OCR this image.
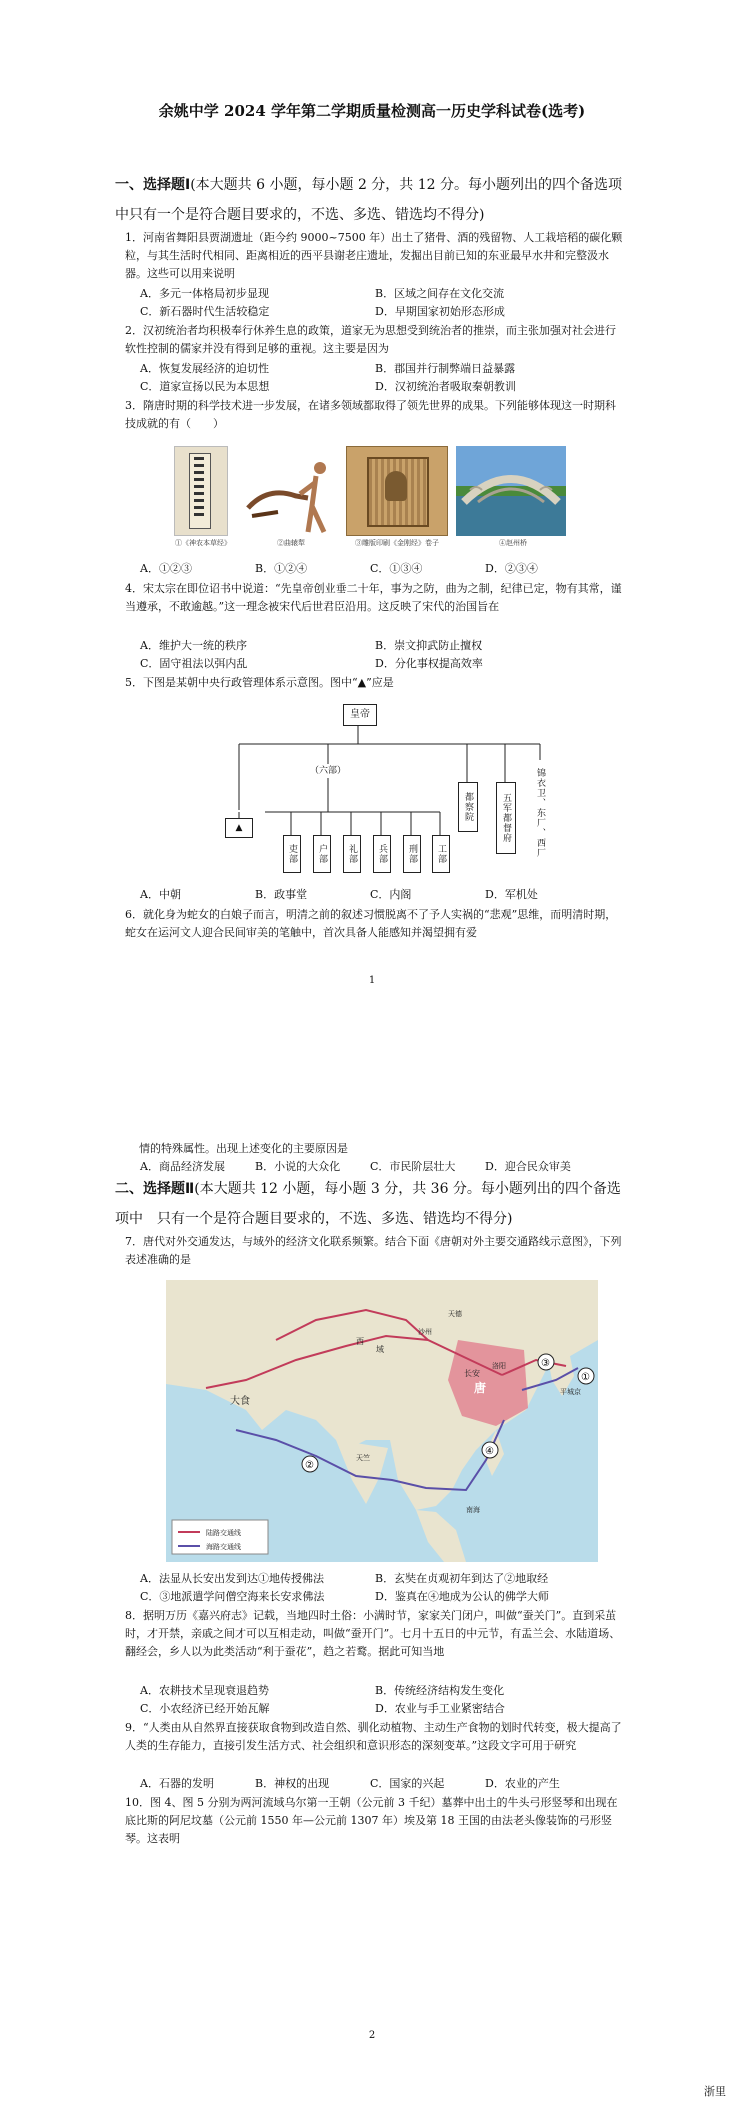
余姚中学 2024 学年第二学期质量检测高一历史学科试卷(选考)
一、选择题Ⅰ(本大题共 6 小题，每小题 2 分，共 12 分。每小题列出的四个备选项中只有一个是符合题目要求的，不选、多选、错选均不得分)
1．河南省舞阳县贾湖遗址（距今约 9000~7500 年）出土了猪骨、酒的残留物、人工栽培稻的碳化颗粒，与其生活时代相同、距离相近的西平县谢老庄遗址，发掘出目前已知的东亚最早水井和完整汲水器。这些可以用来说明
A．多元一体格局初步显现	B．区域之间存在文化交流
C．新石器时代生活较稳定	D．早期国家初始形态形成
2．汉初统治者均积极奉行休养生息的政策，道家无为思想受到统治者的推崇，而主张加强对社会进行软性控制的儒家并没有得到足够的重视。这主要是因为
A．恢复发展经济的迫切性	B．郡国并行制弊端日益暴露
C．道家宣扬以民为本思想	D．汉初统治者吸取秦朝教训
3．隋唐时期的科学技术进一步发展，在诸多领域都取得了领先世界的成果。下列能够体现这一时期科技成就的有（　　）
①《神农本草经》	②曲辕犁	③雕版印刷《金刚经》卷子	④赵州桥
A．①②③	B．①②④	C．①③④	D．②③④
4．宋太宗在即位诏书中说道：“先皇帝创业垂二十年，事为之防，曲为之制，纪律已定，物有其常，谨当遵承，不敢逾越。”这一理念被宋代后世君臣沿用。这反映了宋代的治国旨在
A．维护大一统的秩序	B．崇文抑武防止擅权
C．固守祖法以弭内乱	D．分化事权提高效率
5．下图是某朝中央行政管理体系示意图。图中“▲”应是
皇帝
（六部）
▲
吏部	户部	礼部	兵部	刑部	工部
都察院	五军都督府	锦衣卫、东厂、西厂
A．中朝	B．政事堂	C．内阁	D．军机处
6．就化身为蛇女的白娘子而言，明清之前的叙述习惯脱离不了予人实祸的“悲观”思维，而明清时期，蛇女在运河文人迎合民间审美的笔触中，首次具备人能感知并渴望拥有爱
1
情的特殊属性。出现上述变化的主要原因是
A．商品经济发展	B．小说的大众化	C．市民阶层壮大	D．迎合民众审美
二、选择题Ⅱ(本大题共 12 小题，每小题 3 分，共 36 分。每小题列出的四个备选项中　只有一个是符合题目要求的，不选、多选、错选均不得分)
7．唐代对外交通发达，与域外的经济文化联系频繁。结合下面《唐朝对外主要交通路线示意图》，下列表述准确的是
唐
长安
洛阳
大食
西
域
沙州
天德
天竺
南海
平城京
①
②
③
④
陆路交通线
海路交通线
A．法显从长安出发到达①地传授佛法	B．玄奘在贞观初年到达了②地取经
C．③地派遣学问僧空海来长安求佛法	D．鉴真在④地成为公认的佛学大师
8．据明万历《嘉兴府志》记载，当地四时土俗：小满时节，家家关门闭户，叫做“蚕关门”。直到采茧时，才开禁，亲戚之间才可以互相走动，叫做“蚕开门”。七月十五日的中元节，有盂兰会、水陆道场、翻经会，乡人以为此类活动“利于蚕花”，趋之若鹜。据此可知当地
A．农耕技术呈现衰退趋势	B．传统经济结构发生变化
C．小农经济已经开始瓦解	D．农业与手工业紧密结合
9．“人类由从自然界直接获取食物到改造自然、驯化动植物、主动生产食物的划时代转变，极大提高了人类的生存能力，直接引发生活方式、社会组织和意识形态的深刻变革。”这段文字可用于研究
A．石器的发明	B．神权的出现	C．国家的兴起	D．农业的产生
10．图 4、图 5 分别为两河流域乌尔第一王朝（公元前 3 千纪）墓葬中出土的牛头弓形竖琴和出现在底比斯的阿尼坟墓（公元前 1550 年—公元前 1307 年）埃及第 18 王国的由法老头像装饰的弓形竖琴。这表明
2
浙里
